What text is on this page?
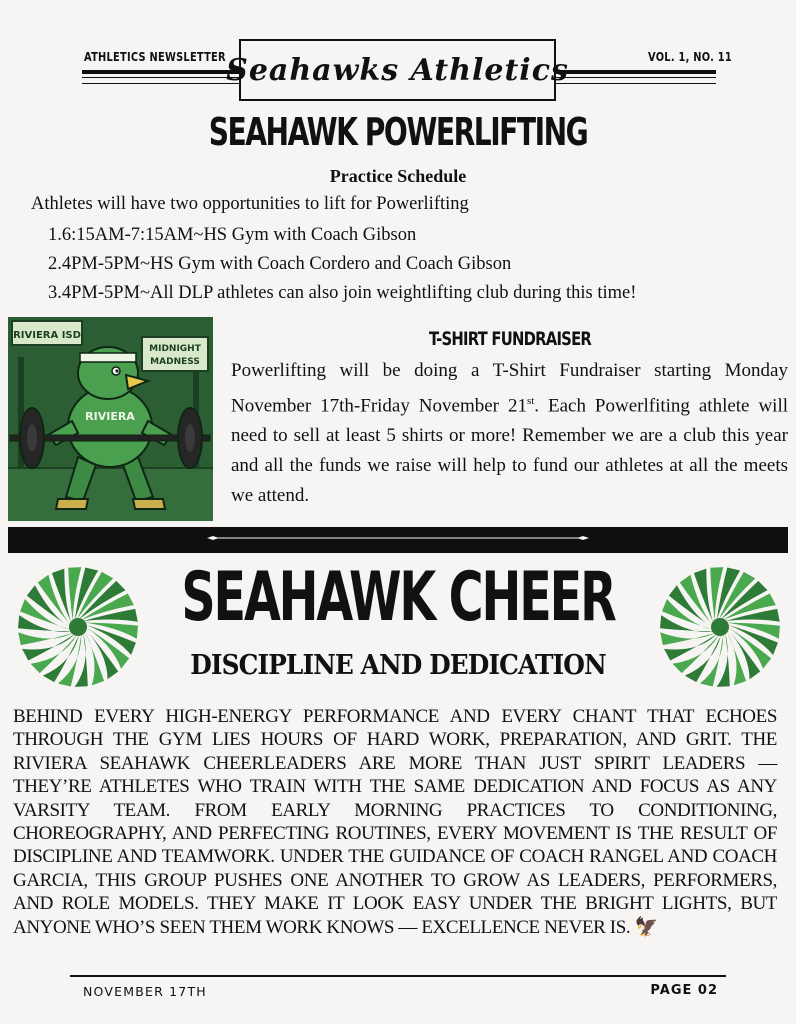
ATHLETICS NEWSLETTER	VOL. 1, NO. 11
Seahawks Athletics
SEAHAWK POWERLIFTING
Practice Schedule
Athletes will have two opportunities to lift for Powerlifting
1.6:15AM-7:15AM~HS Gym with Coach Gibson
2.4PM-5PM~HS Gym with Coach Cordero and Coach Gibson
3.4PM-5PM~All DLP athletes can also join weightlifting club during this time!
RIVIERA ISD
MIDNIGHT
MADNESS
RIVIERA
T-SHIRT FUNDRAISER

Powerlifting will be doing a T-Shirt Fundraiser starting Monday November 17th-Friday November 21st. Each Powerlfiting athlete will need to sell at least 5 shirts or more! Remember we are a club this year and all the funds we raise will help to fund our athletes at all the meets we attend.

SEAHAWK CHEER
DISCIPLINE AND DEDICATION

BEHIND EVERY HIGH-ENERGY PERFORMANCE AND EVERY CHANT THAT ECHOES THROUGH THE GYM LIES HOURS OF HARD WORK, PREPARATION, AND GRIT. THE RIVIERA SEAHAWK CHEERLEADERS ARE MORE THAN JUST SPIRIT LEADERS — THEY’RE ATHLETES WHO TRAIN WITH THE SAME DEDICATION AND FOCUS AS ANY VARSITY TEAM. FROM EARLY MORNING PRACTICES TO CONDITIONING, CHOREOGRAPHY, AND PERFECTING ROUTINES, EVERY MOVEMENT IS THE RESULT OF DISCIPLINE AND TEAMWORK. UNDER THE GUIDANCE OF COACH RANGEL AND COACH GARCIA, THIS GROUP PUSHES ONE ANOTHER TO GROW AS LEADERS, PERFORMERS, AND ROLE MODELS. THEY MAKE IT LOOK EASY UNDER THE BRIGHT LIGHTS, BUT ANYONE WHO’S SEEN THEM WORK KNOWS — EXCELLENCE NEVER IS. 🦅

NOVEMBER 17TH	PAGE 02
